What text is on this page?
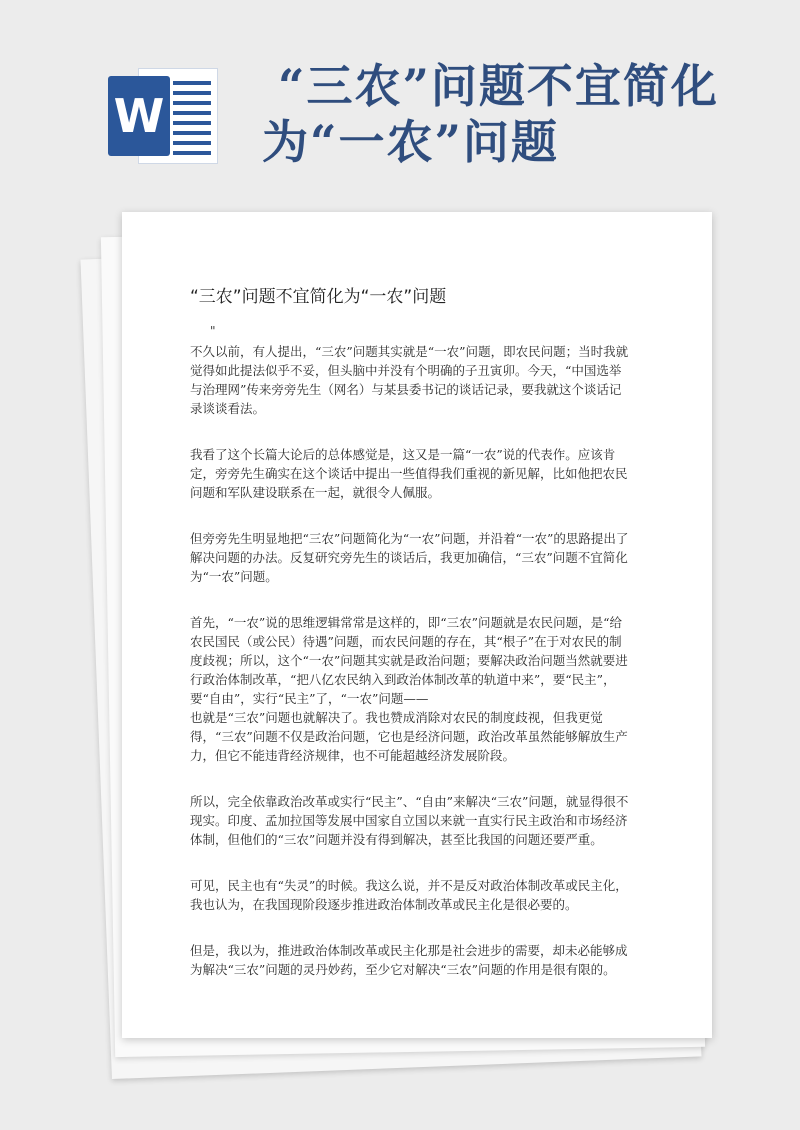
W
“三农”问题不宜简化
为“一农”问题
“三农”问题不宜简化为“一农”问题
"

不久以前，有人提出，“三农”问题其实就是“一农”问题，即农民问题；当时我就觉得如此提法似乎不妥，但头脑中并没有个明确的子丑寅卯。今天，“中国选举与治理网”传来旁旁先生（网名）与某县委书记的谈话记录，要我就这个谈话记录谈谈看法。

我看了这个长篇大论后的总体感觉是，这又是一篇“一农”说的代表作。应该肯定，旁旁先生确实在这个谈话中提出一些值得我们重视的新见解，比如他把农民问题和军队建设联系在一起，就很令人佩服。

但旁旁先生明显地把“三农”问题简化为“一农”问题，并沿着“一农”的思路提出了解决问题的办法。反复研究旁先生的谈话后，我更加确信，“三农”问题不宜简化为“一农”问题。

首先，“一农”说的思维逻辑常常是这样的，即“三农”问题就是农民问题，是“给农民国民（或公民）待遇”问题，而农民问题的存在，其“根子”在于对农民的制度歧视；所以，这个“一农”问题其实就是政治问题；要解决政治问题当然就要进行政治体制改革，“把八亿农民纳入到政治体制改革的轨道中来”，要“民主”，要“自由”，实行“民主”了，“一农”问题——

也就是“三农”问题也就解决了。我也赞成消除对农民的制度歧视，但我更觉得，“三农”问题不仅是政治问题，它也是经济问题，政治改革虽然能够解放生产力，但它不能违背经济规律，也不可能超越经济发展阶段。

所以，完全依靠政治改革或实行“民主”、“自由”来解决“三农”问题，就显得很不现实。印度、孟加拉国等发展中国家自立国以来就一直实行民主政治和市场经济体制，但他们的“三农”问题并没有得到解决，甚至比我国的问题还要严重。

可见，民主也有“失灵”的时候。我这么说，并不是反对政治体制改革或民主化，我也认为，在我国现阶段逐步推进政治体制改革或民主化是很必要的。

但是，我以为，推进政治体制改革或民主化那是社会进步的需要，却未必能够成为解决“三农”问题的灵丹妙药，至少它对解决“三农”问题的作用是很有限的。
